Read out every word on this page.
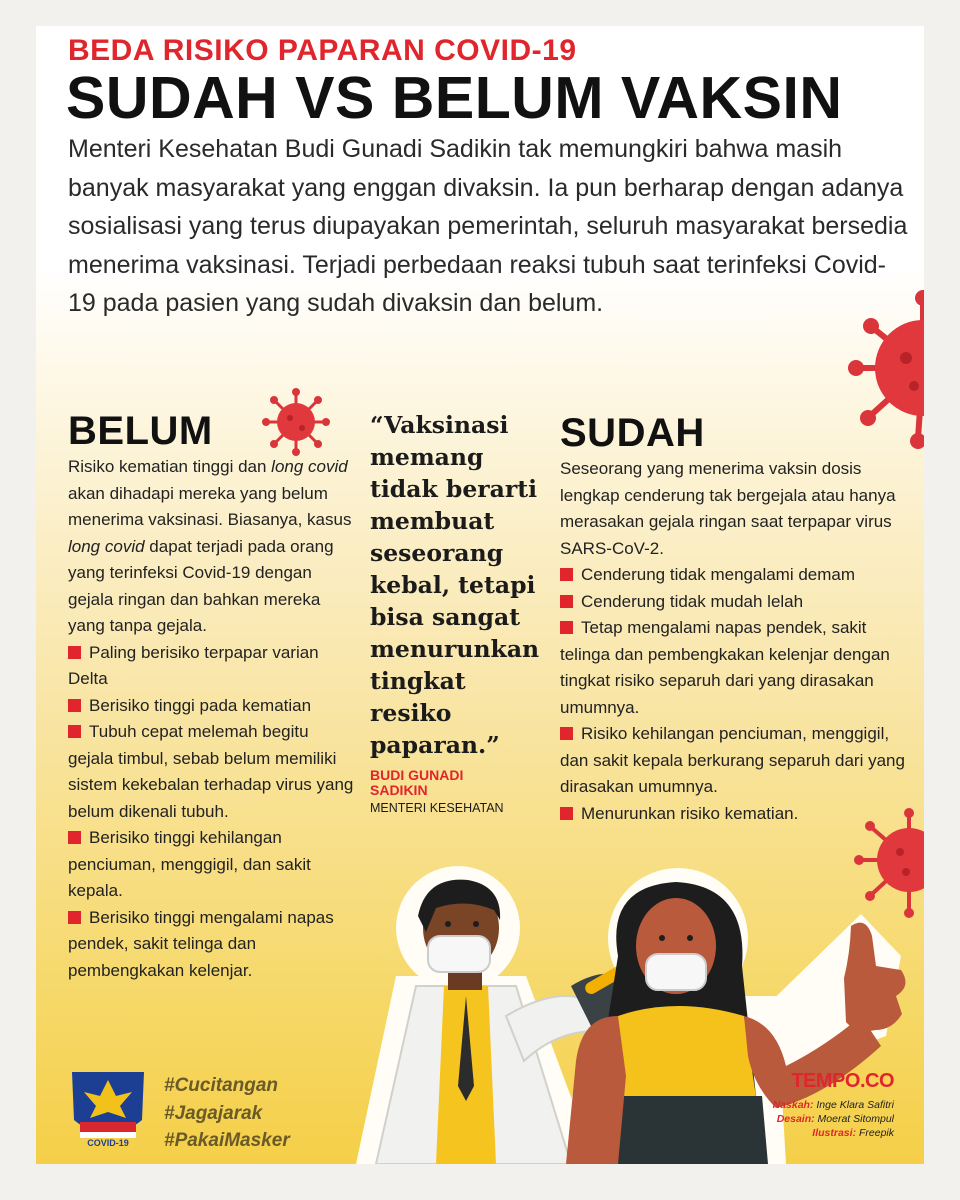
BEDA RISIKO PAPARAN COVID-19
SUDAH VS BELUM VAKSIN

Menteri Kesehatan Budi Gunadi Sadikin tak memungkiri bahwa masih banyak masyarakat yang enggan divaksin. Ia pun berharap dengan adanya sosialisasi yang terus diupayakan pemerintah, seluruh masyarakat bersedia menerima vaksinasi. Terjadi perbedaan reaksi tubuh saat terinfeksi Covid-19 pada pasien yang sudah divaksin dan belum.

BELUM

Risiko kematian tinggi dan long covid akan dihadapi mereka yang belum menerima vaksinasi. Biasanya, kasus long covid dapat terjadi pada orang yang terinfeksi Covid-19 dengan gejala ringan dan bahkan mereka yang tanpa gejala.

Paling berisiko terpapar varian Delta

Berisiko tinggi pada kematian

Tubuh cepat melemah begitu gejala timbul, sebab belum memiliki sistem kekebalan terhadap virus yang belum dikenali tubuh.

Berisiko tinggi kehilangan penciuman, menggigil, dan sakit kepala.

Berisiko tinggi mengalami napas pendek, sakit telinga dan pembengkakan kelenjar.

“Vaksinasi memang tidak berarti membuat seseorang kebal, tetapi bisa sangat menurunkan tingkat resiko paparan.”

BUDI GUNADI SADIKIN
MENTERI KESEHATAN
SUDAH

Seseorang yang menerima vaksin dosis lengkap cenderung tak bergejala atau hanya merasakan gejala ringan saat terpapar virus SARS-CoV-2.

Cenderung tidak mengalami demam

Cenderung tidak mudah lelah

Tetap mengalami napas pendek, sakit telinga dan pembengkakan kelenjar dengan tingkat risiko separuh dari yang dirasakan umumnya.

Risiko kehilangan penciuman, menggigil, dan sakit kepala berkurang separuh dari yang dirasakan umumnya.

Menurunkan risiko kematian.

COVID-19
#Cucitangan
#Jagajarak
#PakaiMasker
TEMPO.CO
Naskah: Inge Klara Safitri
Desain: Moerat Sitompul
Ilustrasi: Freepik
